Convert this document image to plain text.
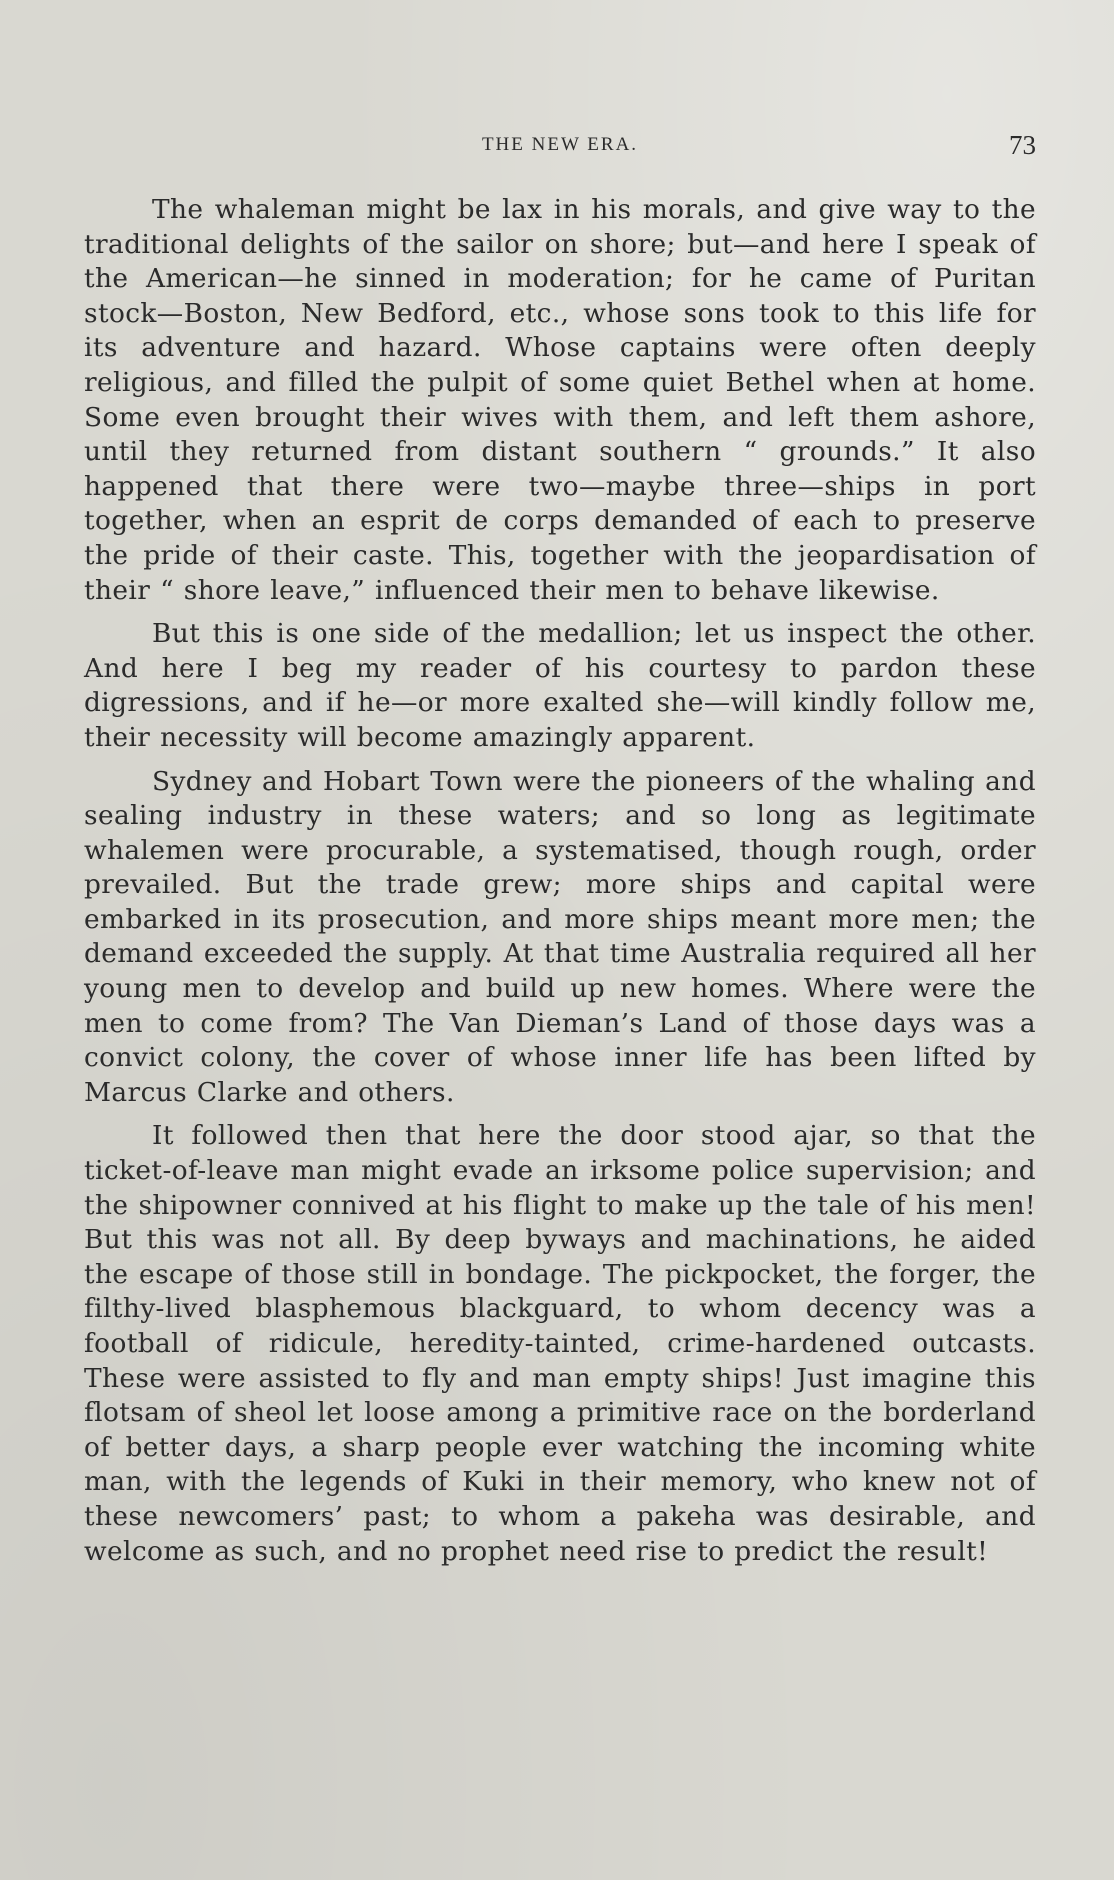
THE NEW ERA.	73

The whaleman might be lax in his morals, and give way to the traditional delights of the sailor on shore; but—and here I speak of the American—he sinned in moderation; for he came of Puritan stock—Boston, New Bedford, etc., whose sons took to this life for its adventure and hazard. Whose captains were often deeply religious, and filled the pulpit of some quiet Bethel when at home. Some even brought their wives with them, and left them ashore, until they returned from distant southern “ grounds.” It also happened that there were two—maybe three—ships in port together, when an esprit de corps demanded of each to preserve the pride of their caste. This, together with the jeopardisation of their “ shore leave,” influenced their men to behave likewise.

But this is one side of the medallion; let us inspect the other. And here I beg my reader of his courtesy to pardon these digressions, and if he—or more exalted she—will kindly follow me, their necessity will become amazingly apparent.

Sydney and Hobart Town were the pioneers of the whaling and sealing industry in these waters; and so long as legitimate whalemen were procurable, a systematised, though rough, order prevailed. But the trade grew; more ships and capital were embarked in its prosecution, and more ships meant more men; the demand exceeded the supply. At that time Australia required all her young men to develop and build up new homes. Where were the men to come from? The Van Dieman’s Land of those days was a convict colony, the cover of whose inner life has been lifted by Marcus Clarke and others.

It followed then that here the door stood ajar, so that the ticket-of-leave man might evade an irksome police supervision; and the shipowner connived at his flight to make up the tale of his men! But this was not all. By deep byways and machinations, he aided the escape of those still in bondage. The pickpocket, the forger, the filthy-lived blasphemous blackguard, to whom decency was a football of ridicule, heredity-tainted, crime-hardened outcasts. These were assisted to fly and man empty ships! Just imagine this flotsam of sheol let loose among a primitive race on the borderland of better days, a sharp people ever watching the incoming white man, with the legends of Kuki in their memory, who knew not of these newcomers’ past; to whom a pakeha was desirable, and welcome as such, and no prophet need rise to predict the result!
